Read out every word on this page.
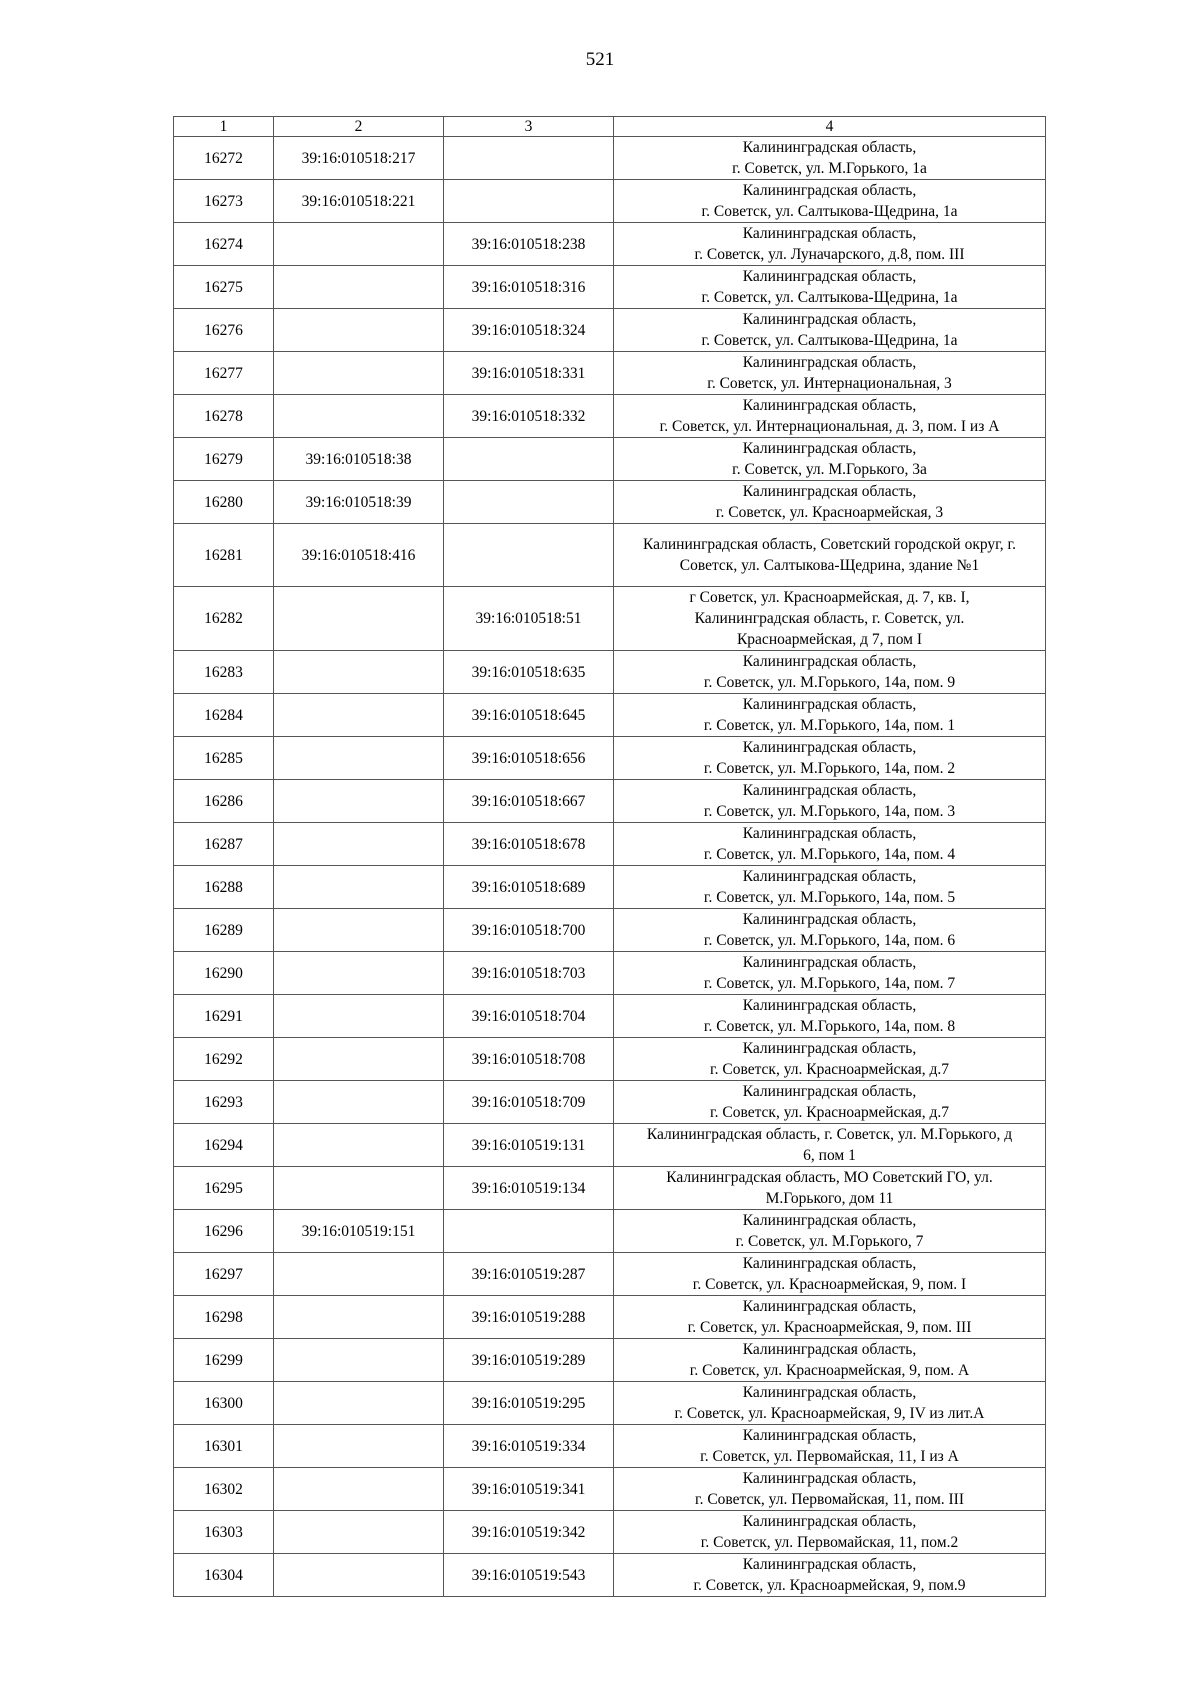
521
1	2	3	4
16272	39:16:010518:217		Калининградская область,
г. Советск, ул. М.Горького, 1а

16273	39:16:010518:221		Калининградская область,
г. Советск, ул. Салтыкова-Щедрина, 1а

16274		39:16:010518:238	Калининградская область,
г. Советск, ул. Луначарского, д.8, пом. III

16275		39:16:010518:316	Калининградская область,
г. Советск, ул. Салтыкова-Щедрина, 1а

16276		39:16:010518:324	Калининградская область,
г. Советск, ул. Салтыкова-Щедрина, 1а

16277		39:16:010518:331	Калининградская область,
г. Советск, ул. Интернациональная, 3

16278		39:16:010518:332	Калининградская область,
г. Советск, ул. Интернациональная, д. 3, пом. I из А

16279	39:16:010518:38		Калининградская область,
г. Советск, ул. М.Горького, 3а

16280	39:16:010518:39		Калининградская область,
г. Советск, ул. Красноармейская, 3

16281	39:16:010518:416		Калининградская область, Советский городской округ, г.
Советск, ул. Салтыкова-Щедрина, здание №1

16282		39:16:010518:51	г Советск, ул. Красноармейская, д. 7, кв. I,
Калининградская область, г. Советск, ул.
Красноармейская, д 7, пом I

16283		39:16:010518:635	Калининградская область,
г. Советск, ул. М.Горького, 14а, пом. 9

16284		39:16:010518:645	Калининградская область,
г. Советск, ул. М.Горького, 14а, пом. 1

16285		39:16:010518:656	Калининградская область,
г. Советск, ул. М.Горького, 14а, пом. 2

16286		39:16:010518:667	Калининградская область,
г. Советск, ул. М.Горького, 14а, пом. 3

16287		39:16:010518:678	Калининградская область,
г. Советск, ул. М.Горького, 14а, пом. 4

16288		39:16:010518:689	Калининградская область,
г. Советск, ул. М.Горького, 14а, пом. 5

16289		39:16:010518:700	Калининградская область,
г. Советск, ул. М.Горького, 14а, пом. 6

16290		39:16:010518:703	Калининградская область,
г. Советск, ул. М.Горького, 14а, пом. 7

16291		39:16:010518:704	Калининградская область,
г. Советск, ул. М.Горького, 14а, пом. 8

16292		39:16:010518:708	Калининградская область,
г. Советск, ул. Красноармейская, д.7

16293		39:16:010518:709	Калининградская область,
г. Советск, ул. Красноармейская, д.7

16294		39:16:010519:131	Калининградская область, г. Советск, ул. М.Горького, д
6, пом 1

16295		39:16:010519:134	Калининградская область, МО Советский ГО, ул.
М.Горького, дом 11

16296	39:16:010519:151		Калининградская область,
г. Советск, ул. М.Горького, 7

16297		39:16:010519:287	Калининградская область,
г. Советск, ул. Красноармейская, 9, пом. I

16298		39:16:010519:288	Калининградская область,
г. Советск, ул. Красноармейская, 9, пом. III

16299		39:16:010519:289	Калининградская область,
г. Советск, ул. Красноармейская, 9, пом. А

16300		39:16:010519:295	Калининградская область,
г. Советск, ул. Красноармейская, 9, IV из лит.А

16301		39:16:010519:334	Калининградская область,
г. Советск, ул. Первомайская, 11, I из А

16302		39:16:010519:341	Калининградская область,
г. Советск, ул. Первомайская, 11, пом. III

16303		39:16:010519:342	Калининградская область,
г. Советск, ул. Первомайская, 11, пом.2

16304		39:16:010519:543	Калининградская область,
г. Советск, ул. Красноармейская, 9, пом.9
